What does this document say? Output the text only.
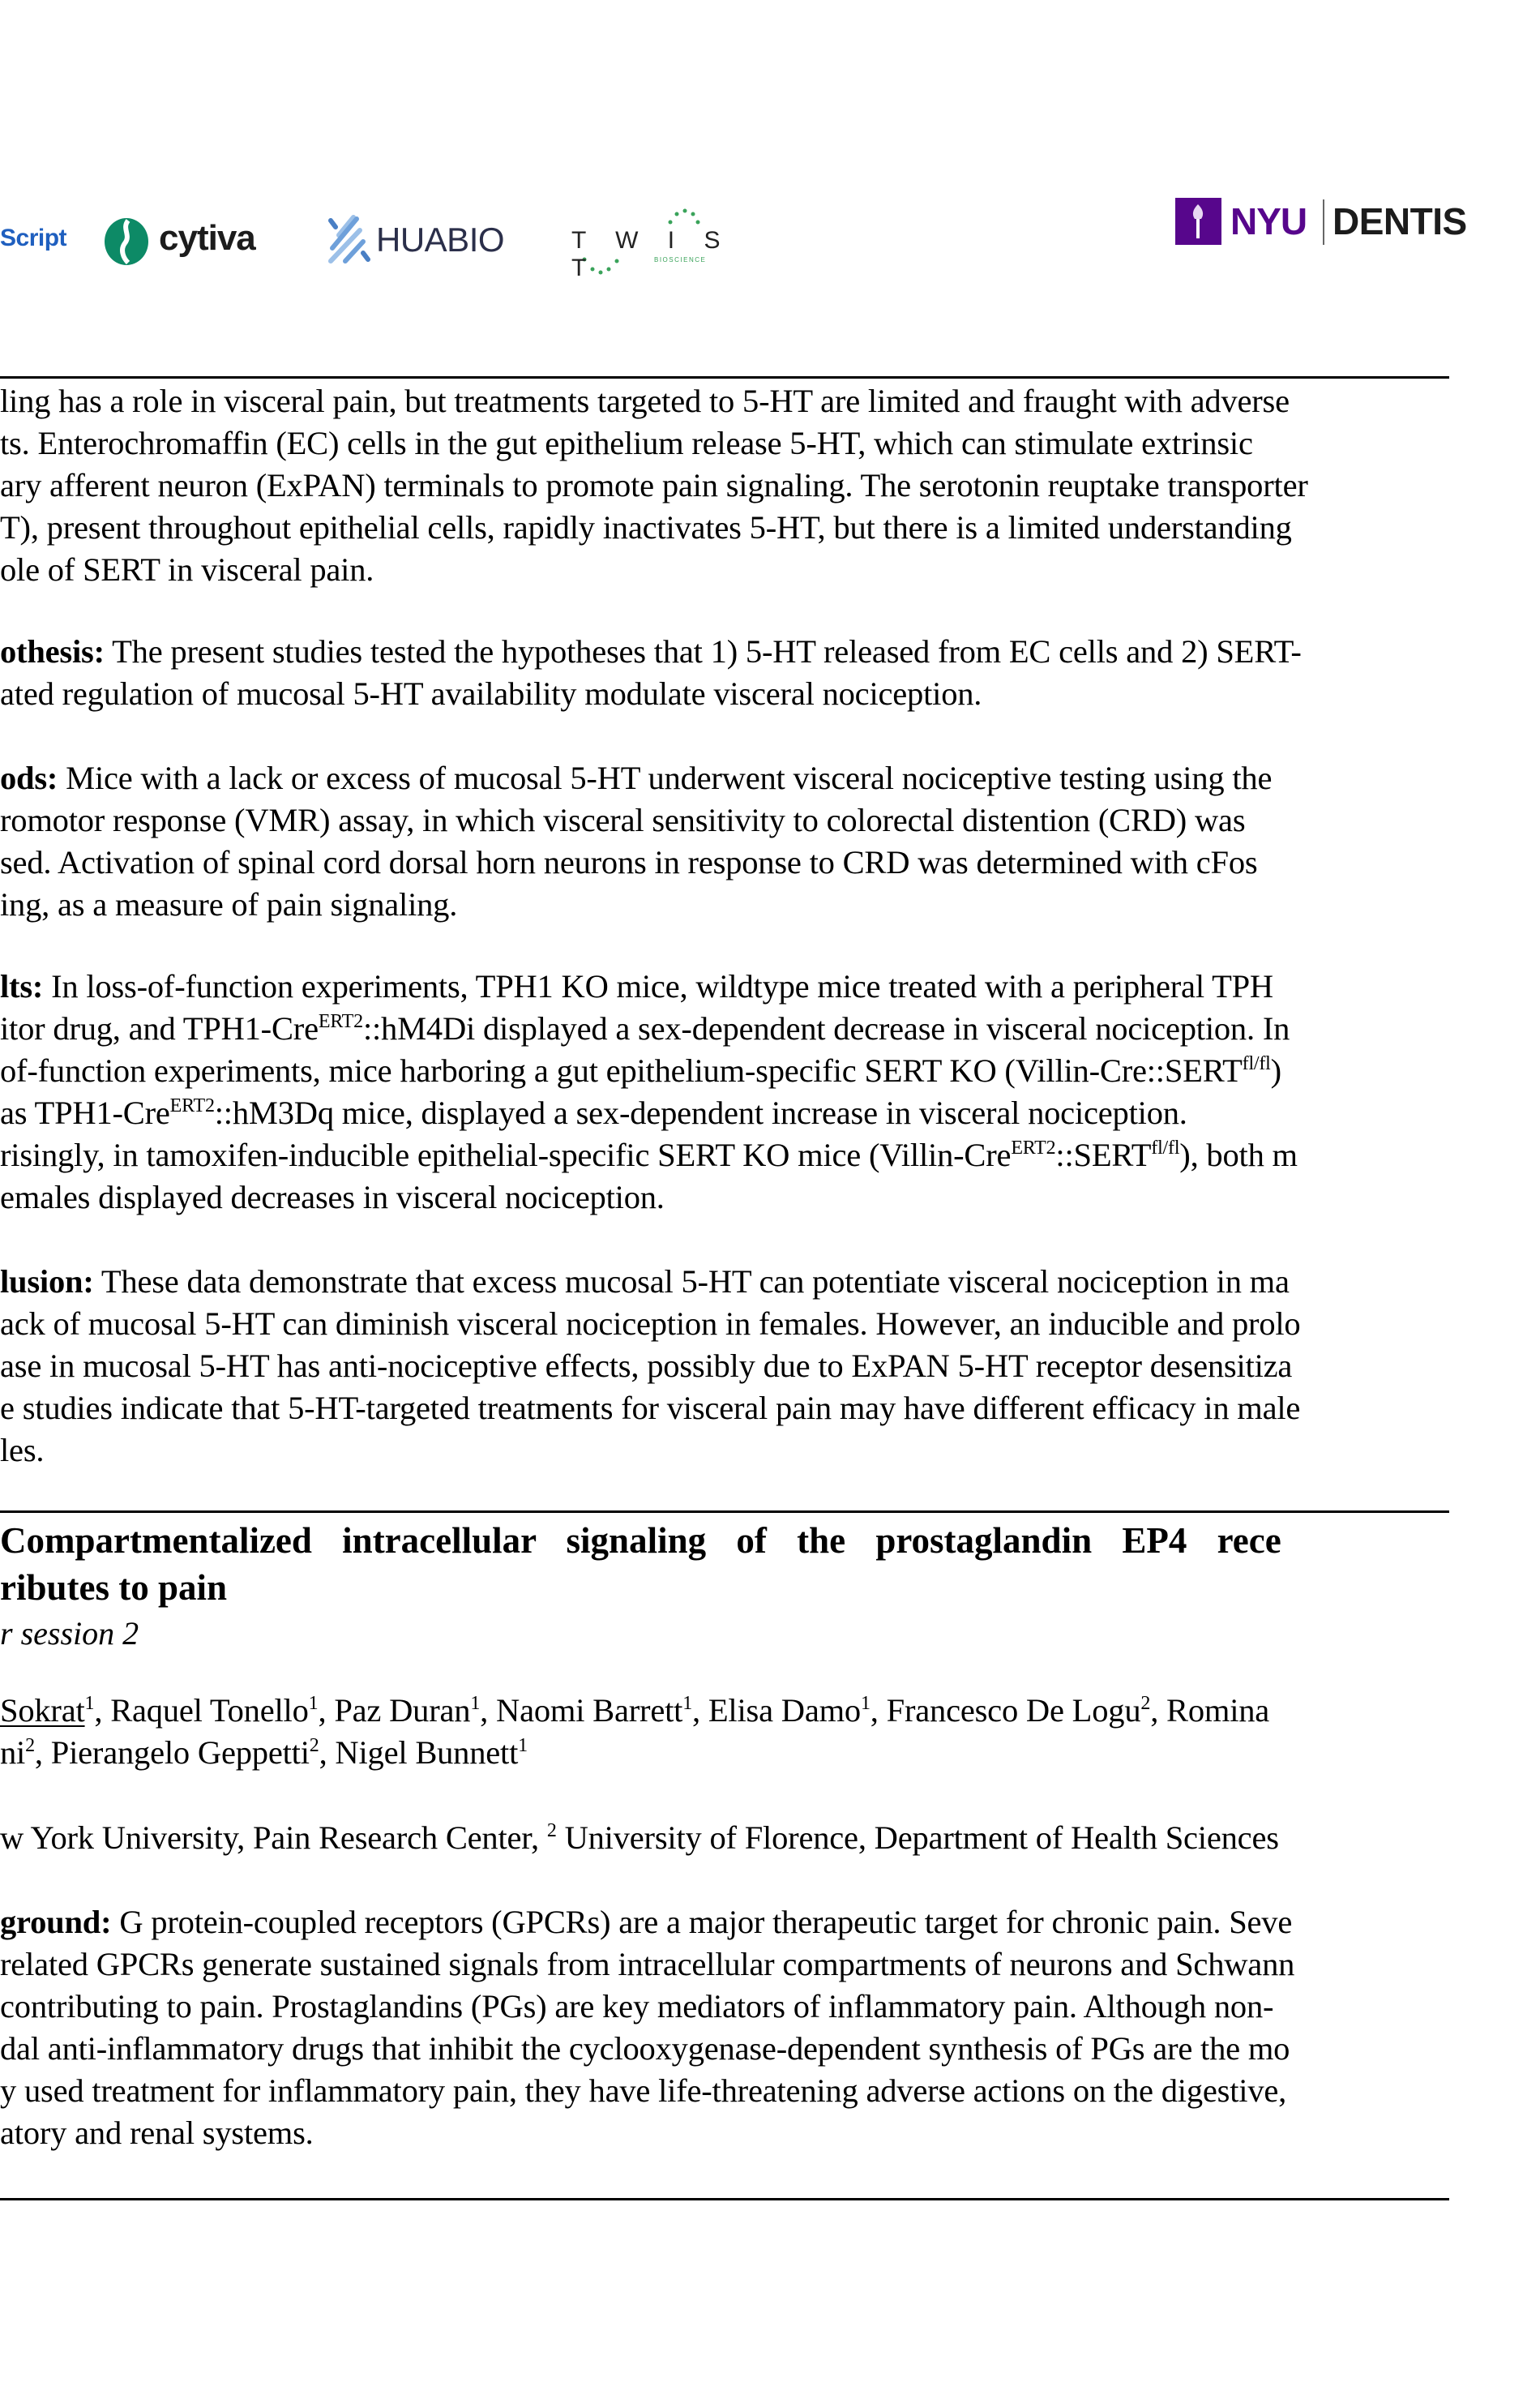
Script	cytiva	HUABIO	T W I S T	BIOSCIENCE
NYU DENTIS
ling has a role in visceral pain, but treatments targeted to 5-HT are limited and fraught with adverse
ts. Enterochromaffin (EC) cells in the gut epithelium release 5-HT, which can stimulate extrinsic
ary afferent neuron (ExPAN) terminals to promote pain signaling. The serotonin reuptake transporter
T), present throughout epithelial cells, rapidly inactivates 5-HT, but there is a limited understanding
ole of SERT in visceral pain.
othesis: The present studies tested the hypotheses that 1) 5-HT released from EC cells and 2) SERT-
ated regulation of mucosal 5-HT availability modulate visceral nociception.
ods: Mice with a lack or excess of mucosal 5-HT underwent visceral nociceptive testing using the
romotor response (VMR) assay, in which visceral sensitivity to colorectal distention (CRD) was
sed. Activation of spinal cord dorsal horn neurons in response to CRD was determined with cFos
ing, as a measure of pain signaling.
lts: In loss-of-function experiments, TPH1 KO mice, wildtype mice treated with a peripheral TPH
itor drug, and TPH1-Cre$^{ERT2}$::hM4Di displayed a sex-dependent decrease in visceral nociception. In
of-function experiments, mice harboring a gut epithelium-specific SERT KO $(Villin-Cre::SERT^{fl/fl})$
as TPH1-Cre$^{ERT2}$::hM3Dq mice, displayed a sex-dependent increase in visceral nociception.
risingly, in tamoxifen-inducible epithelial-specific SERT KO mice $(Villin-Cre^{ERT2}::SERT^{fl/fl})$, both m
emales displayed decreases in visceral nociception.
lusion: These data demonstrate that excess mucosal 5-HT can potentiate visceral nociception in ma
ack of mucosal 5-HT can diminish visceral nociception in females. However, an inducible and prolo
ase in mucosal 5-HT has anti-nociceptive effects, possibly due to ExPAN 5-HT receptor desensitiza
e studies indicate that 5-HT-targeted treatments for visceral pain may have different efficacy in male
les.
Compartmentalized intracellular signaling of the prostaglandin EP4 rece
ributes to pain
r session 2
Sokrat$^1$, Raquel Tonello$^1$, Paz Duran$^1$, Naomi Barrett$^1$, Elisa Damo$^1$, Francesco De Logu$^2$, Romina
$ni^2$, Pierangelo Geppetti$^2$, Nigel Bunnett$^1$
w York University, Pain Research Center, $^2$ University of Florence, Department of Health Sciences
ground: G protein-coupled receptors (GPCRs) are a major therapeutic target for chronic pain. Seve
related GPCRs generate sustained signals from intracellular compartments of neurons and Schwann
contributing to pain. Prostaglandins (PGs) are key mediators of inflammatory pain. Although non-
dal anti-inflammatory drugs that inhibit the cyclooxygenase-dependent synthesis of PGs are the mo
y used treatment for inflammatory pain, they have life-threatening adverse actions on the digestive,
atory and renal systems.
